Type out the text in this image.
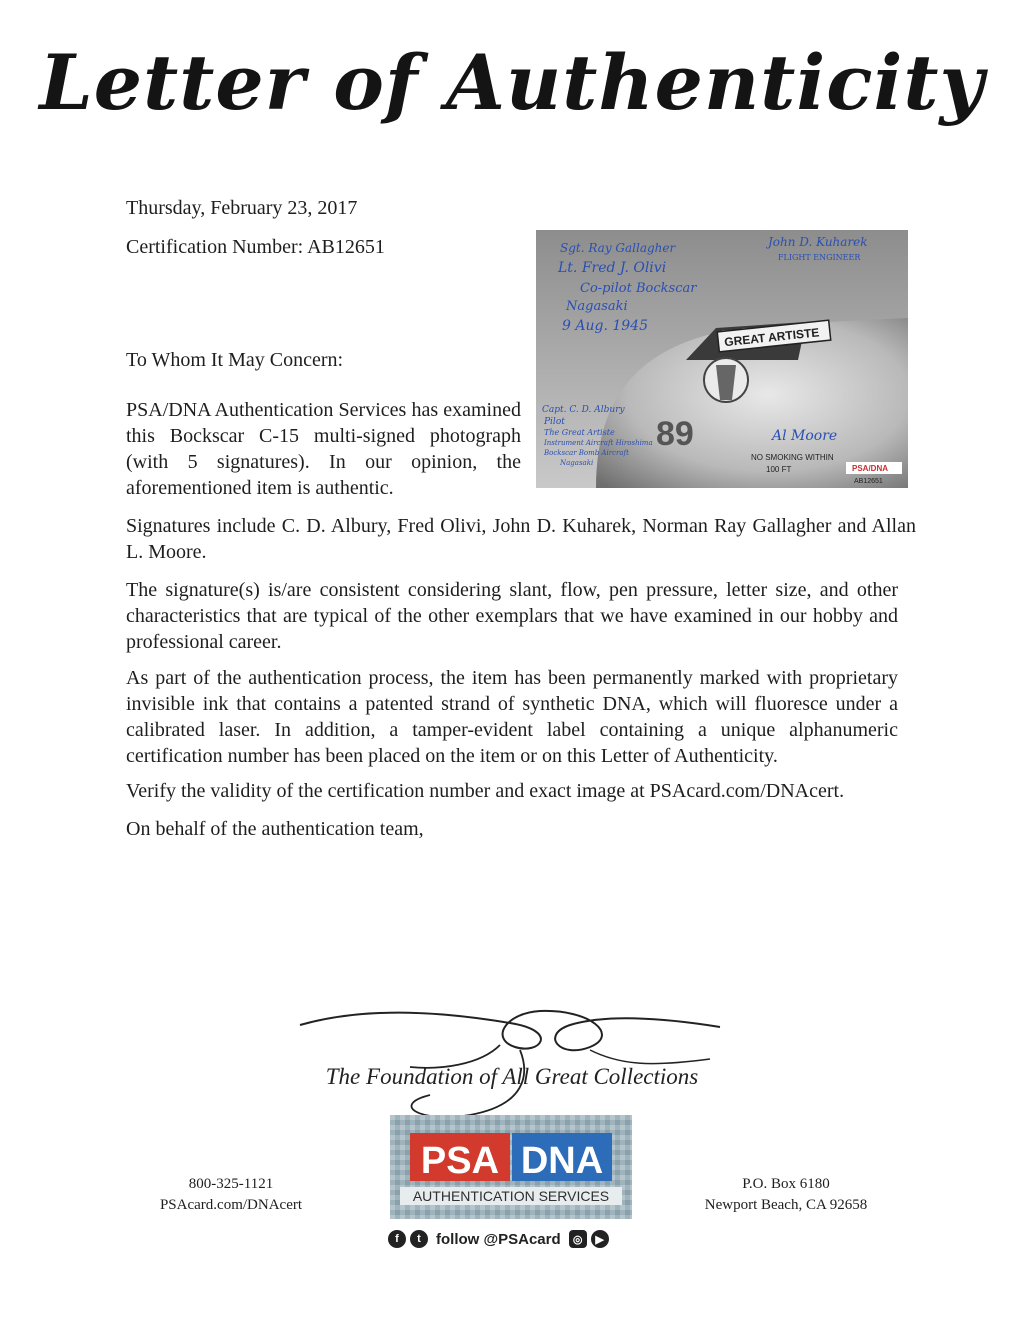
Letter of Authenticity

Thursday, February 23, 2017

Certification Number: AB12651

To Whom It May Concern:

PSA/DNA Authentication Services has examined this Bockscar C-15 multi-signed photograph (with 5 signatures). In our opinion, the aforementioned item is authentic.

GREAT ARTISTE
89
NO SMOKING WITHIN
100 FT	PSA/DNA
AB12651
Sgt. Ray Gallagher
Lt. Fred J. Olivi
Co-pilot Bockscar
Nagasaki
9 Aug. 1945
John D. Kuharek
FLIGHT ENGINEER
Capt. C. D. Albury
Pilot
The Great Artiste
Instrument Aircraft Hiroshima
Bockscar Bomb Aircraft
Nagasaki
Al Moore

Signatures include C. D. Albury, Fred Olivi, John D. Kuharek, Norman Ray Gallagher and Allan L. Moore.

The signature(s) is/are consistent considering slant, flow, pen pressure, letter size, and other characteristics that are typical of the other exemplars that we have examined in our hobby and professional career.

As part of the authentication process, the item has been permanently marked with proprietary invisible ink that contains a patented strand of synthetic DNA, which will fluoresce under a calibrated laser. In addition, a tamper-evident label containing a unique alphanumeric certification number has been placed on the item or on this Letter of Authenticity.

Verify the validity of the certification number and exact image at PSAcard.com/DNAcert.

On behalf of the authentication team,

The Foundation of All Great Collections

800-325-1121
PSAcard.com/DNAcert
PSA DNA
AUTHENTICATION SERVICES
f	t	follow @PSAcard	◎	▶
P.O. Box 6180
Newport Beach, CA 92658
